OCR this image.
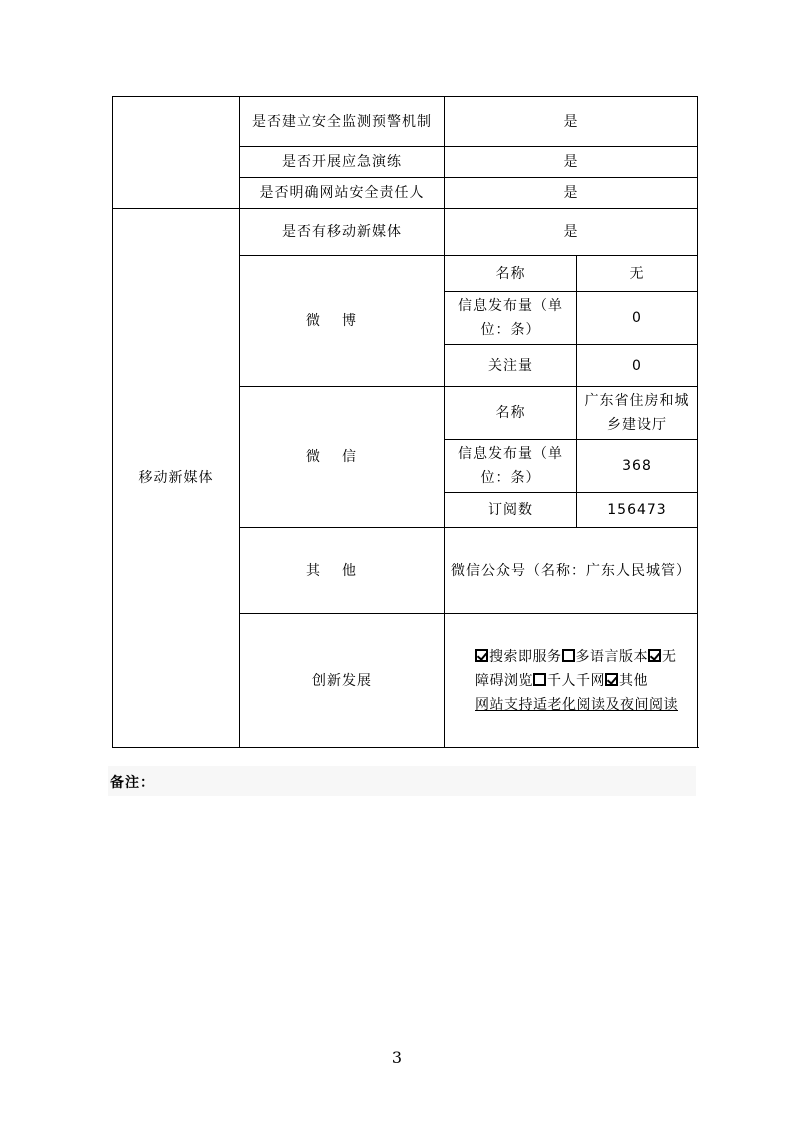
	是否建立安全监测预警机制	是	
	是否开展应急演练	是	
	是否明确网站安全责任人	是	
移动新媒体	是否有移动新媒体	是	
	微博	名称	无
		信息发布量（单位：条）	0
		关注量	0
	微信	名称	广东省住房和城乡建设厅
		信息发布量（单位：条）	368
		订阅数	156473
	其他	微信公众号（名称：广东人民城管）	
	创新发展	搜索即服务 多语言版本 无障碍浏览 千人千网 其他
网站支持适老化阅读及夜间阅读	
备注：
3
